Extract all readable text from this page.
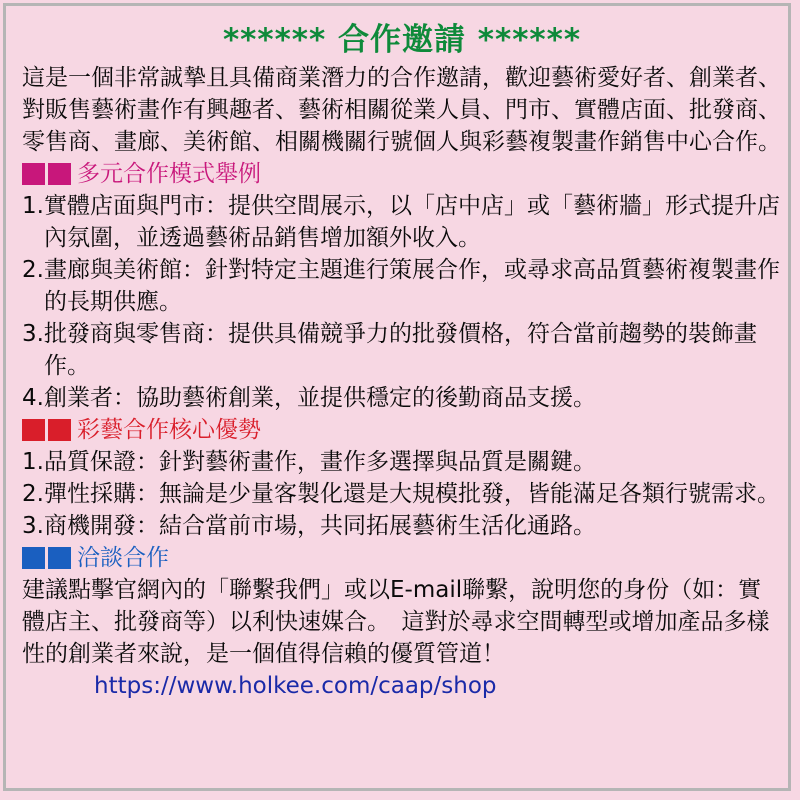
****** 合作邀請 ******
這是一個非常誠摯且具備商業潛力的合作邀請，歡迎藝術愛好者、創業者、對販售藝術畫作有興趣者、藝術相關從業人員、門市、實體店面、批發商、零售商、畫廊、美術館、相關機關行號個人與彩藝複製畫作銷售中心合作。
多元合作模式舉例
1. 實體店面與門市：提供空間展示，以「店中店」或「藝術牆」形式提升店內氛圍，並透過藝術品銷售增加額外收入。
2. 畫廊與美術館：針對特定主題進行策展合作，或尋求高品質藝術複製畫作的長期供應。
3. 批發商與零售商：提供具備競爭力的批發價格，符合當前趨勢的裝飾畫作。
4. 創業者：協助藝術創業，並提供穩定的後勤商品支援。
彩藝合作核心優勢
1. 品質保證：針對藝術畫作，畫作多選擇與品質是關鍵。
2. 彈性採購：無論是少量客製化還是大規模批發，皆能滿足各類行號需求。
3. 商機開發：結合當前市場，共同拓展藝術生活化通路。
洽談合作
建議點擊官網內的「聯繫我們」或以E-mail聯繫，說明您的身份（如：實體店主、批發商等）以利快速媒合。　這對於尋求空間轉型或增加產品多樣性的創業者來說，是一個值得信賴的優質管道！https://www.holkee.com/caap/shop
